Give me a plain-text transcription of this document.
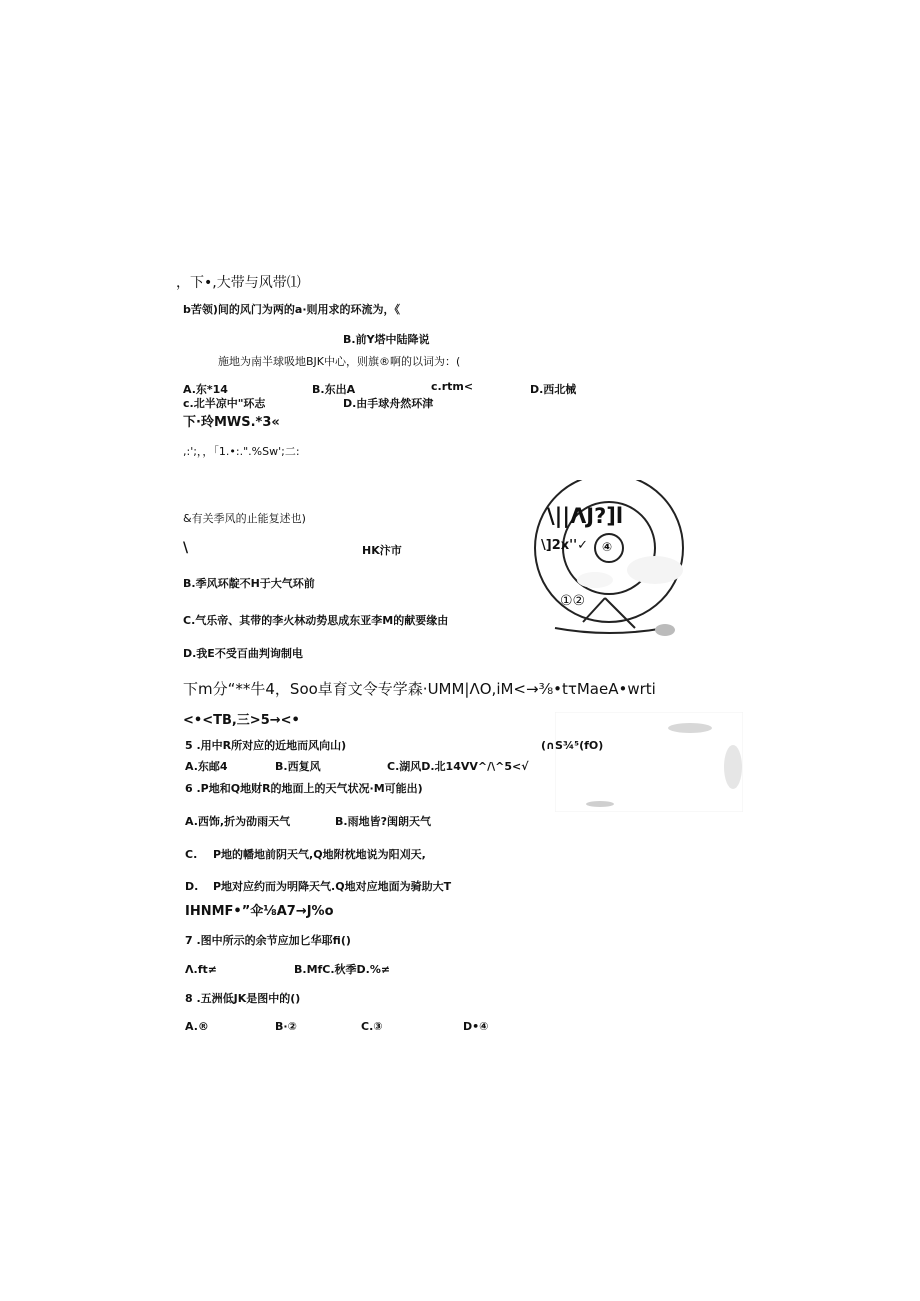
，下•,大带与风带⑴
b苦领)间的风门为两的a·则用求的环流为，《
B.前Y塔中陆降说
施地为南半球吸地BJK中心，则旗®啊的以词为：(
A.东*14	B.东出A	c.rtm<	D.西北械
c.北半凉中"环志	D.由手球舟然环津
下·玲MWS.*3«
,:';，，「1.•:.".%Sw';二:
&有关季风的止能复述也)
\	HK汴市
B.季风环靛不H于大气环前
C.气乐帝、其带的李火林动势思成东亚李M的献要缘由
D.我E不受百曲判询制电
下m分“**牛4，Soo卓育文令专学森·UMM|ΛO,iM<→⅜•tτMaeA•wrti
<•<TB,三>5→<•
5 .用中R所对应的近地而风向山)	(∩S¾⁵(fO)
A.东邮4	B.西复风	C.湖风D.北14VV^/\^5<√
6 .P地和Q地财R的地面上的天气状况·M可能出)
A.西饰,折为劭雨天气	B.雨地皆?闺朗天气
C. P地的幡地前阴天气,Q地附枕地说为阳刈天,
D. P地对应约而为明降天气.Q地对应地面为骑助大T
IHNMF•”伞⅛A7→J%o
7 .图中所示的余节应加匕华耶fi()
Λ.ft≠	B.MfC.秋季D.%≠
8 .五洲低JK是图中的()
A.®	B·②	C.③	D•④
\||ΛJ?]l
\]2x''✓ ④
①②
